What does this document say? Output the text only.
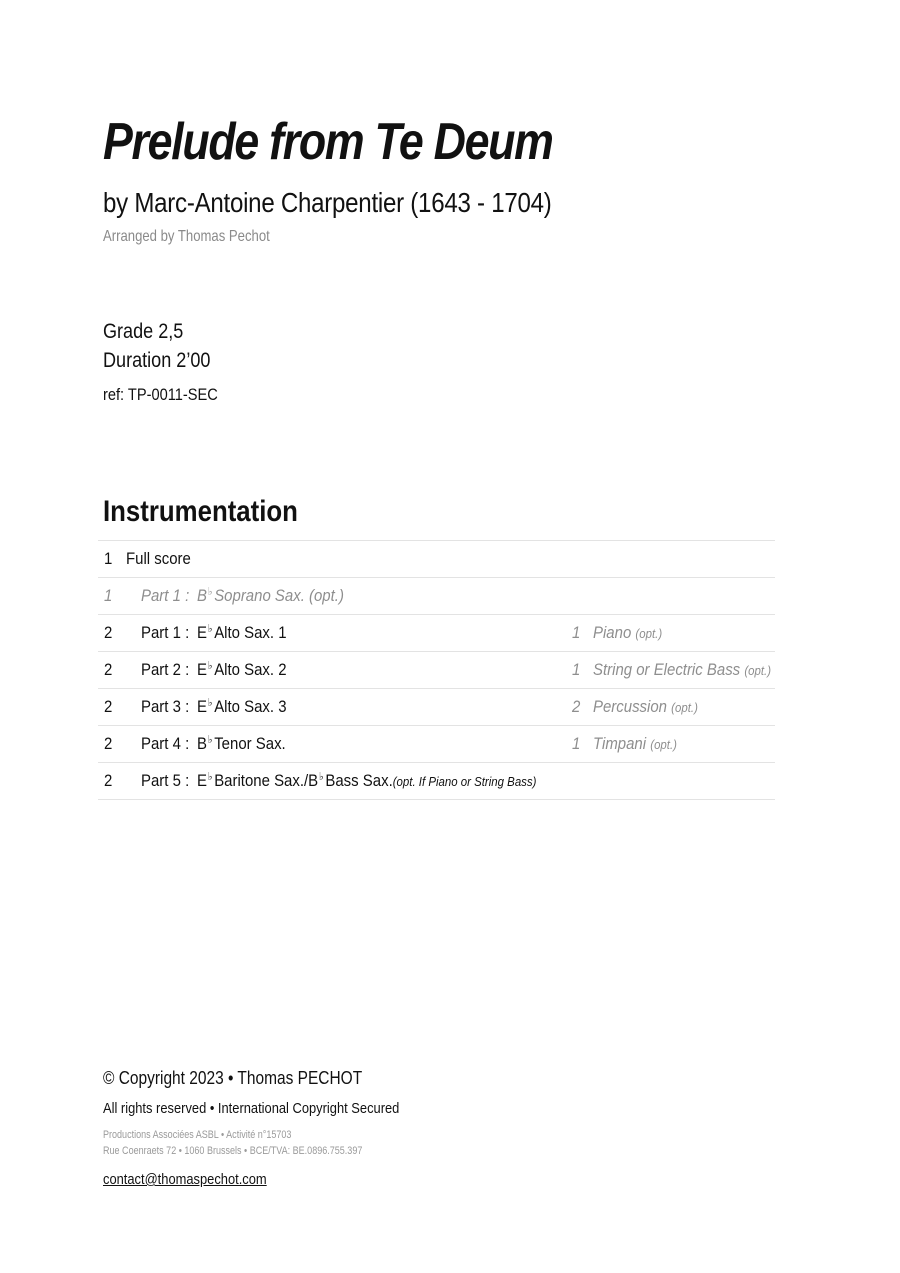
Prelude from Te Deum
by Marc-Antoine Charpentier (1643 - 1704)
Arranged by Thomas Pechot
Grade 2,5
Duration 2’00
ref: TP-0011-SEC
Instrumentation
1 Full score
1 Part 1 : B♭ Soprano Sax. (opt.)
2 Part 1 : E♭ Alto Sax. 1	1 Piano (opt.)
2 Part 2 : E♭ Alto Sax. 2	1 String or Electric Bass (opt.)
2 Part 3 : E♭ Alto Sax. 3	2 Percussion (opt.)
2 Part 4 : B♭ Tenor Sax.	1 Timpani (opt.)
2 Part 5 : E♭ Baritone Sax./B♭ Bass Sax.(opt. If Piano or String Bass)
© Copyright 2023 • Thomas PECHOT
All rights reserved • International Copyright Secured
Productions Associées ASBL • Activité n°15703
Rue Coenraets 72 • 1060 Brussels • BCE/TVA: BE.0896.755.397
contact@thomaspechot.com
